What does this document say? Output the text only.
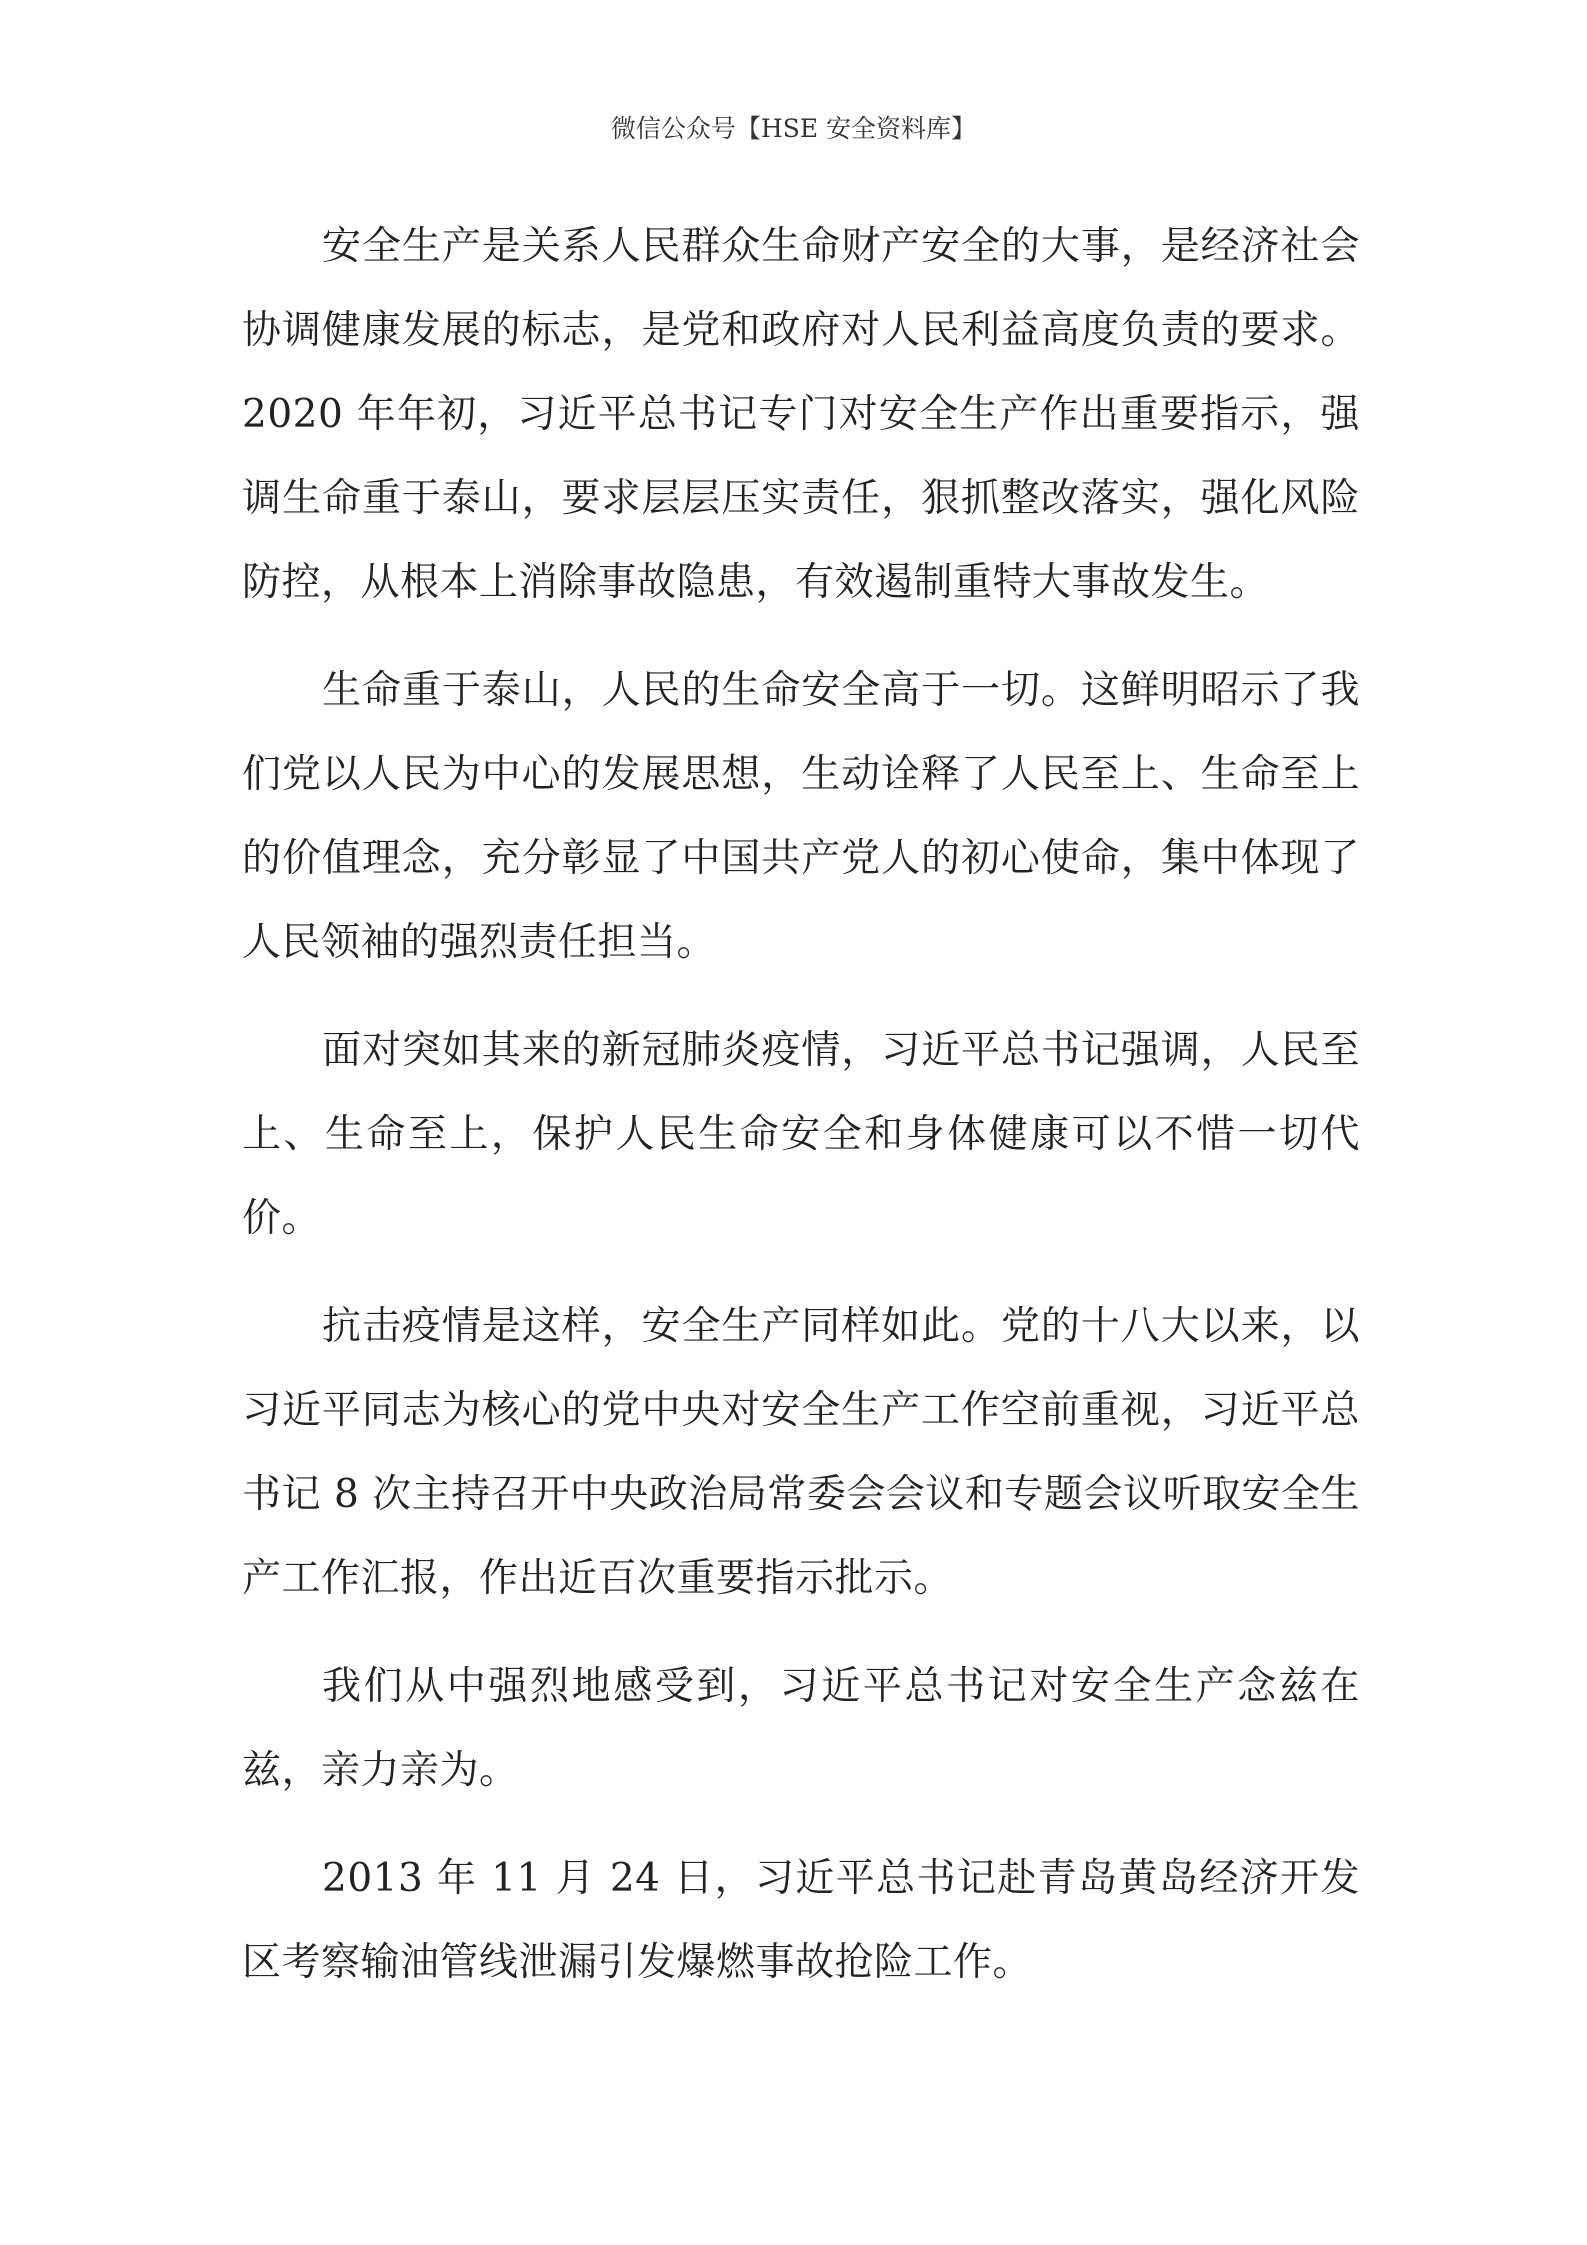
微信公众号【HSE 安全资料库】

安全生产是关系人民群众生命财产安全的大事，是经济社会协调健康发展的标志，是党和政府对人民利益高度负责的要求。2020 年年初，习近平总书记专门对安全生产作出重要指示，强调生命重于泰山，要求层层压实责任，狠抓整改落实，强化风险防控，从根本上消除事故隐患，有效遏制重特大事故发生。

生命重于泰山，人民的生命安全高于一切。这鲜明昭示了我们党以人民为中心的发展思想，生动诠释了人民至上、生命至上的价值理念，充分彰显了中国共产党人的初心使命，集中体现了人民领袖的强烈责任担当。

面对突如其来的新冠肺炎疫情，习近平总书记强调，人民至上、生命至上，保护人民生命安全和身体健康可以不惜一切代价。

抗击疫情是这样，安全生产同样如此。党的十八大以来，以习近平同志为核心的党中央对安全生产工作空前重视，习近平总书记 8 次主持召开中央政治局常委会会议和专题会议听取安全生产工作汇报，作出近百次重要指示批示。

我们从中强烈地感受到，习近平总书记对安全生产念兹在兹，亲力亲为。

2013 年 11 月 24 日，习近平总书记赴青岛黄岛经济开发区考察输油管线泄漏引发爆燃事故抢险工作。
